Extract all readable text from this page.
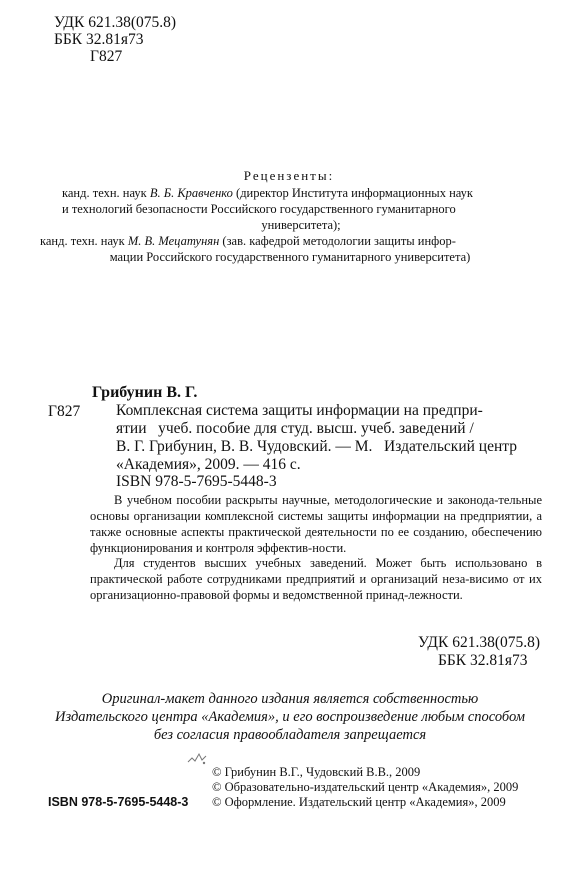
УДК 621.38(075.8)
ББК 32.81я73
Г827
Рецензенты:
канд. техн. наук В. Б. Кравченко (директор Института информационных наук
и технологий безопасности Российского государственного гуманитарного
университета);
канд. техн. наук М. В. Мецатунян (зав. кафедрой методологии защиты инфор-
мации Российского государственного гуманитарного университета)
Грибунин В. Г.
Г827 Комплексная система защиты информации на предпри-
ятии   учеб. пособие для студ. высш. учеб. заведений /
В. Г. Грибунин, В. В. Чудовский. — М.   Издательский центр
«Академия», 2009. — 416 с.
ISBN 978-5-7695-5448-3

В учебном пособии раскрыты научные, методологические и законода-тельные основы организации комплексной системы защиты информации на предприятии, а также основные аспекты практической деятельности по ее созданию, обеспечению функционирования и контроля эффектив-ности.

Для студентов высших учебных заведений. Может быть использовано в практической работе сотрудниками предприятий и организаций неза-висимо от их организационно-правовой формы и ведомственной принад-лежности.

УДК 621.38(075.8)
ББК 32.81я73
Оригинал-макет данного издания является собственностью
Издательского центра «Академия», и его воспроизведение любым способом
без согласия правообладателя запрещается
© Грибунин В.Г., Чудовский В.В., 2009
© Образовательно-издательский центр «Академия», 2009
© Оформление. Издательский центр «Академия», 2009
ISBN 978-5-7695-5448-3
